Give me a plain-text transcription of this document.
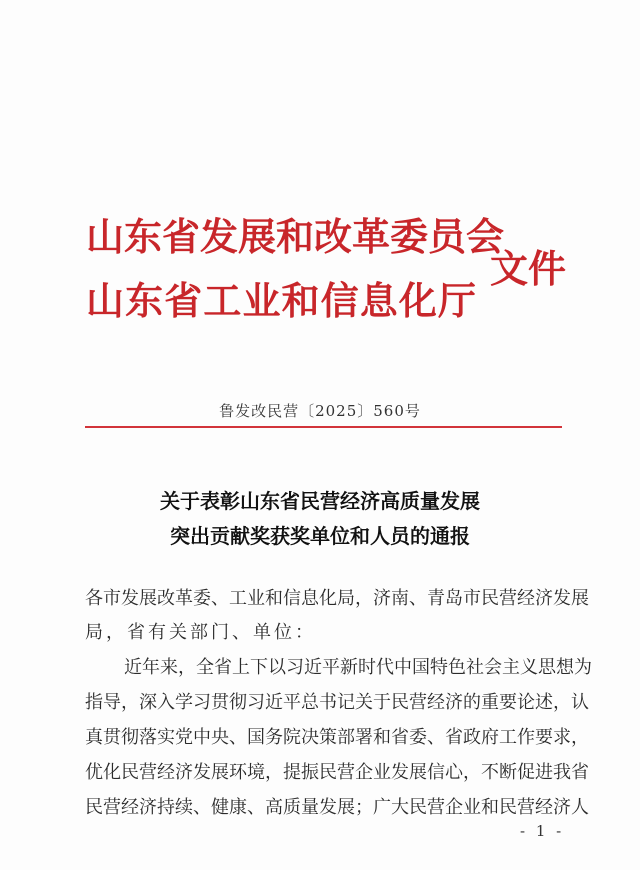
山东省发展和改革委员会
山东省工业和信息化厅
文件
鲁发改民营〔2025〕560号
关于表彰山东省民营经济高质量发展
突出贡献奖获奖单位和人员的通报
各市发展改革委、工业和信息化局，济南、青岛市民营经济发展
局，省有关部门、单位：
近年来，全省上下以习近平新时代中国特色社会主义思想为
指导，深入学习贯彻习近平总书记关于民营经济的重要论述，认
真贯彻落实党中央、国务院决策部署和省委、省政府工作要求，
优化民营经济发展环境，提振民营企业发展信心，不断促进我省
民营经济持续、健康、高质量发展；广大民营企业和民营经济人
- 1 -
